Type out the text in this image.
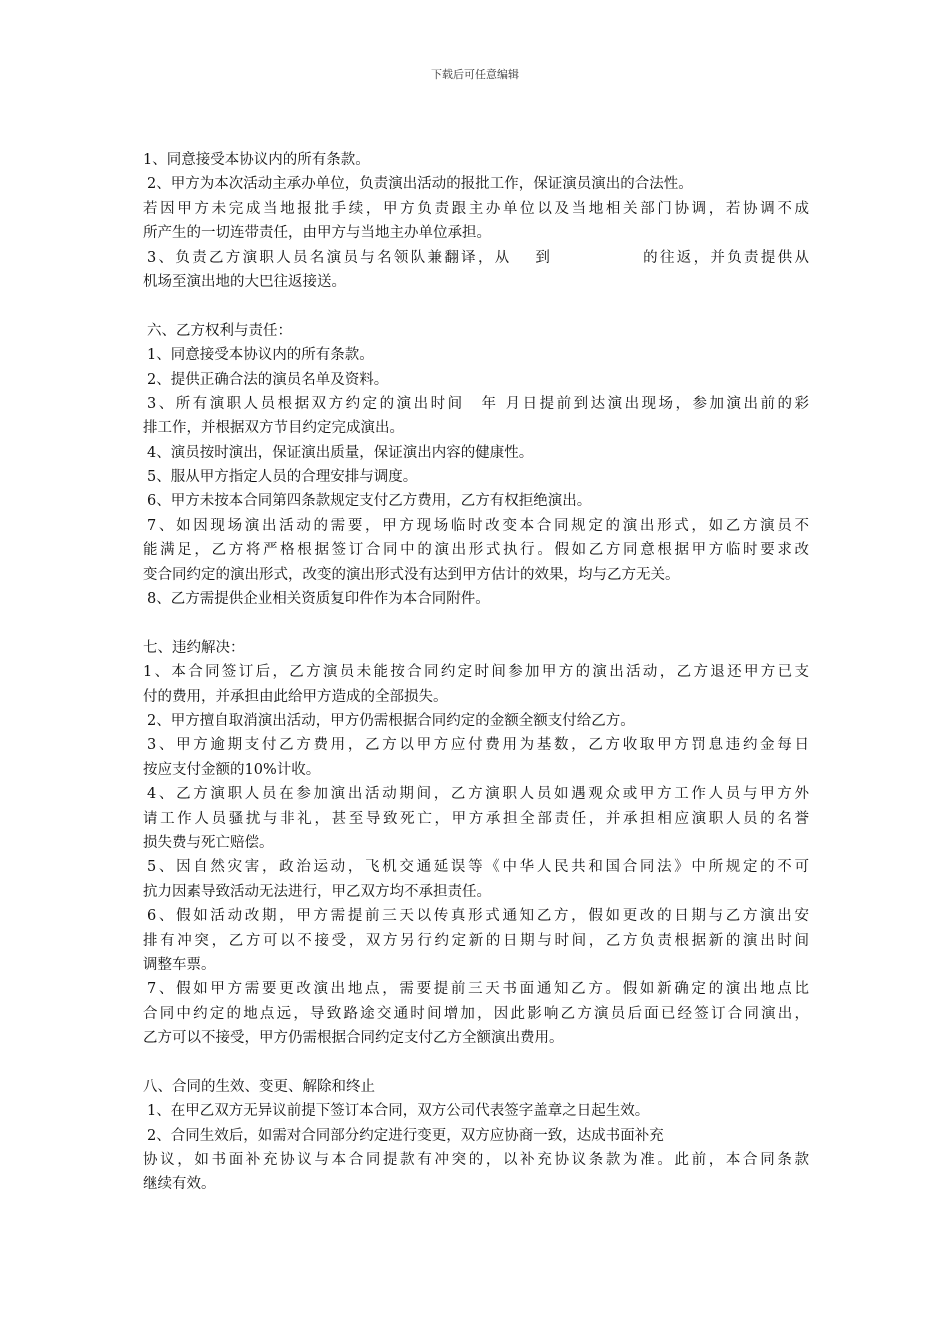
下载后可任意编辑
1、同意接受本协议内的所有条款。
2、甲方为本次活动主承办单位，负责演出活动的报批工作，保证演员演出的合法性。
若因甲方未完成当地报批手续，甲方负责跟主办单位以及当地相关部门协调，若协调不成
所产生的一切连带责任，由甲方与当地主办单位承担。
3、负责乙方演职人员名演员与名领队兼翻译，从　 到　　　　　 的往返，并负责提供从
机场至演出地的大巴往返接送。
六、乙方权利与责任：
1、同意接受本协议内的所有条款。
2、提供正确合法的演员名单及资料。
3、所有演职人员根据双方约定的演出时间　年 月日提前到达演出现场，参加演出前的彩
排工作，并根据双方节目约定完成演出。
4、演员按时演出，保证演出质量，保证演出内容的健康性。
5、服从甲方指定人员的合理安排与调度。
6、甲方未按本合同第四条款规定支付乙方费用，乙方有权拒绝演出。
7、如因现场演出活动的需要，甲方现场临时改变本合同规定的演出形式，如乙方演员不
能满足，乙方将严格根据签订合同中的演出形式执行。假如乙方同意根据甲方临时要求改
变合同约定的演出形式，改变的演出形式没有达到甲方估计的效果，均与乙方无关。
8、乙方需提供企业相关资质复印件作为本合同附件。
七、违约解决：
1、本合同签订后，乙方演员未能按合同约定时间参加甲方的演出活动，乙方退还甲方已支
付的费用，并承担由此给甲方造成的全部损失。
2、甲方擅自取消演出活动，甲方仍需根据合同约定的金额全额支付给乙方。
3、甲方逾期支付乙方费用，乙方以甲方应付费用为基数，乙方收取甲方罚息违约金每日
按应支付金额的10%计收。
4、乙方演职人员在参加演出活动期间，乙方演职人员如遇观众或甲方工作人员与甲方外
请工作人员骚扰与非礼，甚至导致死亡，甲方承担全部责任，并承担相应演职人员的名誉
损失费与死亡赔偿。
5、因自然灾害，政治运动，飞机交通延误等《中华人民共和国合同法》中所规定的不可
抗力因素导致活动无法进行，甲乙双方均不承担责任。
6、假如活动改期，甲方需提前三天以传真形式通知乙方，假如更改的日期与乙方演出安
排有冲突，乙方可以不接受，双方另行约定新的日期与时间，乙方负责根据新的演出时间
调整车票。
7、假如甲方需要更改演出地点，需要提前三天书面通知乙方。假如新确定的演出地点比
合同中约定的地点远，导致路途交通时间增加，因此影响乙方演员后面已经签订合同演出，
乙方可以不接受，甲方仍需根据合同约定支付乙方全额演出费用。
八、合同的生效、变更、解除和终止
1、在甲乙双方无异议前提下签订本合同，双方公司代表签字盖章之日起生效。
2、合同生效后，如需对合同部分约定进行变更，双方应协商一致，达成书面补充
协议，如书面补充协议与本合同提款有冲突的，以补充协议条款为准。此前，本合同条款
继续有效。
